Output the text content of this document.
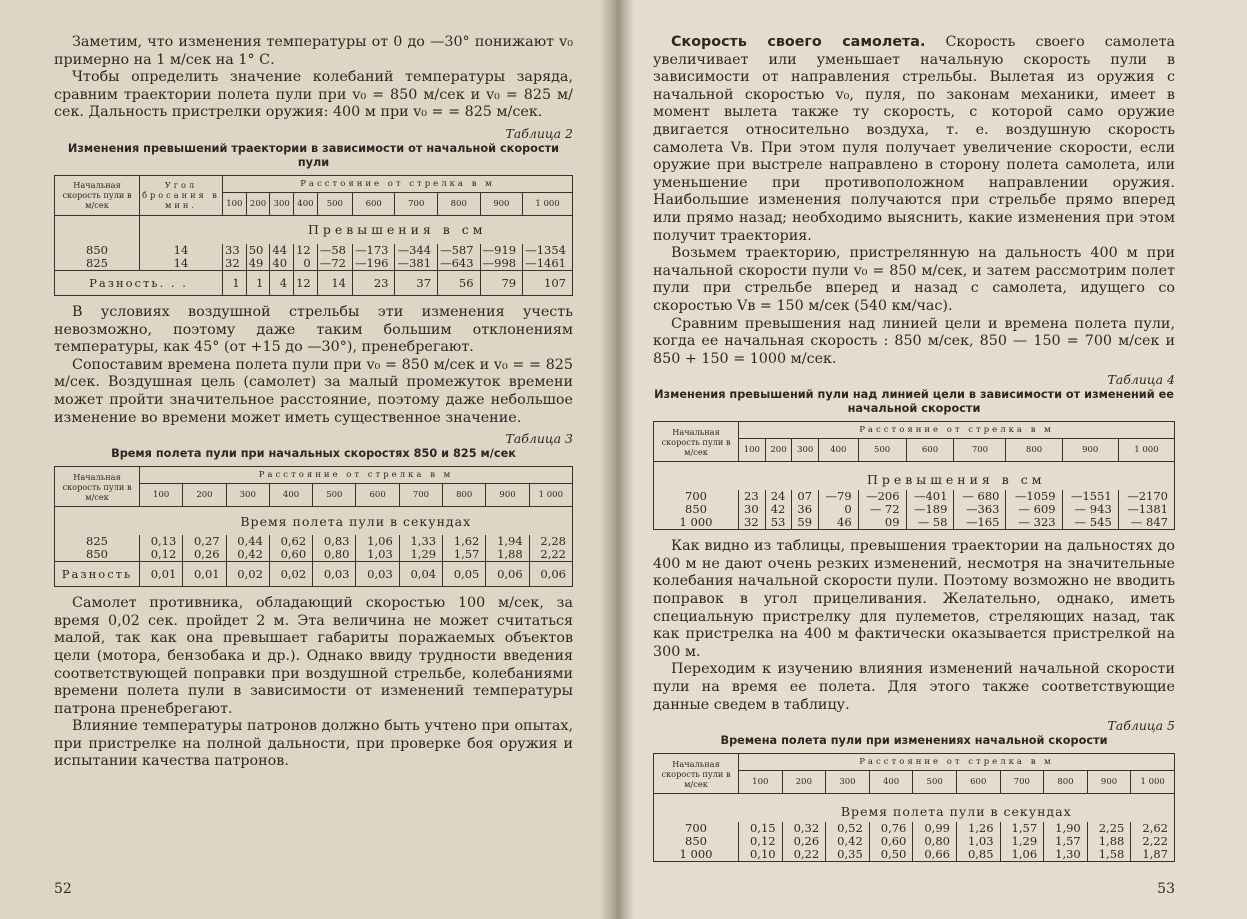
Заметим, что изменения температуры от 0 до —30° понижают v₀ примерно на 1 м/сек на 1° С.

Чтобы определить значение колебаний температуры заряда, сравним траектории полета пули при v₀ = 850 м/сек и v₀ = 825 м/сек. Дальность пристрелки оружия: 400 м при v₀ = = 825 м/сек.

Таблица 2
Изменения превышений траектории в зависимости от начальной скорости пули
Начальная скорость пули в м/сек	Угол бросания в мин.	Расстояние от стрелка в м									
		100	200	300	400	500	600	700	800	900	1 000
		Превышения в см									
850	14	33	50	44	12	—58	—173	—344	—587	—919	—1354
825	14	32	49	40	0	—72	—196	—381	—643	—998	—1461
Разность. . .		1	1	4	12	14	23	37	56	79	107

В условиях воздушной стрельбы эти изменения учесть невозможно, поэтому даже таким большим отклонениям температуры, как 45° (от +15 до —30°), пренебрегают.

Сопоставим времена полета пули при v₀ = 850 м/сек и v₀ = = 825 м/сек. Воздушная цель (самолет) за малый промежуток времени может пройти значительное расстояние, поэтому даже небольшое изменение во времени может иметь существенное значение.

Таблица 3
Время полета пули при начальных скоростях 850 и 825 м/сек
Начальная скорость пули в м/сек	Расстояние от стрелка в м									
	100	200	300	400	500	600	700	800	900	1 000
	Время полета пули в секундах									
825	0,13	0,27	0,44	0,62	0,83	1,06	1,33	1,62	1,94	2,28
850	0,12	0,26	0,42	0,60	0,80	1,03	1,29	1,57	1,88	2,22
Разность	0,01	0,01	0,02	0,02	0,03	0,03	0,04	0,05	0,06	0,06

Самолет противника, обладающий скоростью 100 м/сек, за время 0,02 сек. пройдет 2 м. Эта величина не может считаться малой, так как она превышает габариты поражаемых объектов цели (мотора, бензобака и др.). Однако ввиду трудности введения соответствующей поправки при воздушной стрельбе, колебаниями времени полета пули в зависимости от изменений температуры патрона пренебрегают.

Влияние температуры патронов должно быть учтено при опытах, при пристрелке на полной дальности, при проверке боя оружия и испытании качества патронов.

52

Скорость своего самолета. Скорость своего самолета увеличивает или уменьшает начальную скорость пули в зависимости от направления стрельбы. Вылетая из оружия с начальной скоростью v₀, пуля, по законам механики, имеет в момент вылета также ту скорость, с которой само оружие двигается относительно воздуха, т. е. воздушную скорость самолета Vв. При этом пуля получает увеличение скорости, если оружие при выстреле направлено в сторону полета самолета, или уменьшение при противоположном направлении оружия. Наибольшие изменения получаются при стрельбе прямо вперед или прямо назад; необходимо выяснить, какие изменения при этом получит траектория.

Возьмем траекторию, пристрелянную на дальность 400 м при начальной скорости пули v₀ = 850 м/сек, и затем рассмотрим полет пули при стрельбе вперед и назад с самолета, идущего со скоростью Vв = 150 м/сек (540 км/час).

Сравним превышения над линией цели и времена полета пули, когда ее начальная скорость : 850 м/сек, 850 — 150 = 700 м/сек и 850 + 150 = 1000 м/сек.

Таблица 4
Изменения превышений пули над линией цели в зависимости от изменений ее начальной скорости
Начальная скорость пули в м/сек	Расстояние от стрелка в м									
	100	200	300	400	500	600	700	800	900	1 000
	Превышения в см									
700	23	24	07	—79	—206	—401	— 680	—1059	—1551	—2170
850	30	42	36	0	— 72	—189	—363	— 609	— 943	—1381
1 000	32	53	59	46	09	— 58	—165	— 323	— 545	— 847

Как видно из таблицы, превышения траектории на дальностях до 400 м не дают очень резких изменений, несмотря на значительные колебания начальной скорости пули. Поэтому возможно не вводить поправок в угол прицеливания. Желательно, однако, иметь специальную пристрелку для пулеметов, стреляющих назад, так как пристрелка на 400 м фактически оказывается пристрелкой на 300 м.

Переходим к изучению влияния изменений начальной скорости пули на время ее полета. Для этого также соответствующие данные сведем в таблицу.

Таблица 5
Времена полета пули при изменениях начальной скорости
Начальная скорость пули в м/сек	Расстояние от стрелка в м									
	100	200	300	400	500	600	700	800	900	1 000
	Время полета пули в секундах									
700	0,15	0,32	0,52	0,76	0,99	1,26	1,57	1,90	2,25	2,62
850	0,12	0,26	0,42	0,60	0,80	1,03	1,29	1,57	1,88	2,22
1 000	0,10	0,22	0,35	0,50	0,66	0,85	1,06	1,30	1,58	1,87
53
